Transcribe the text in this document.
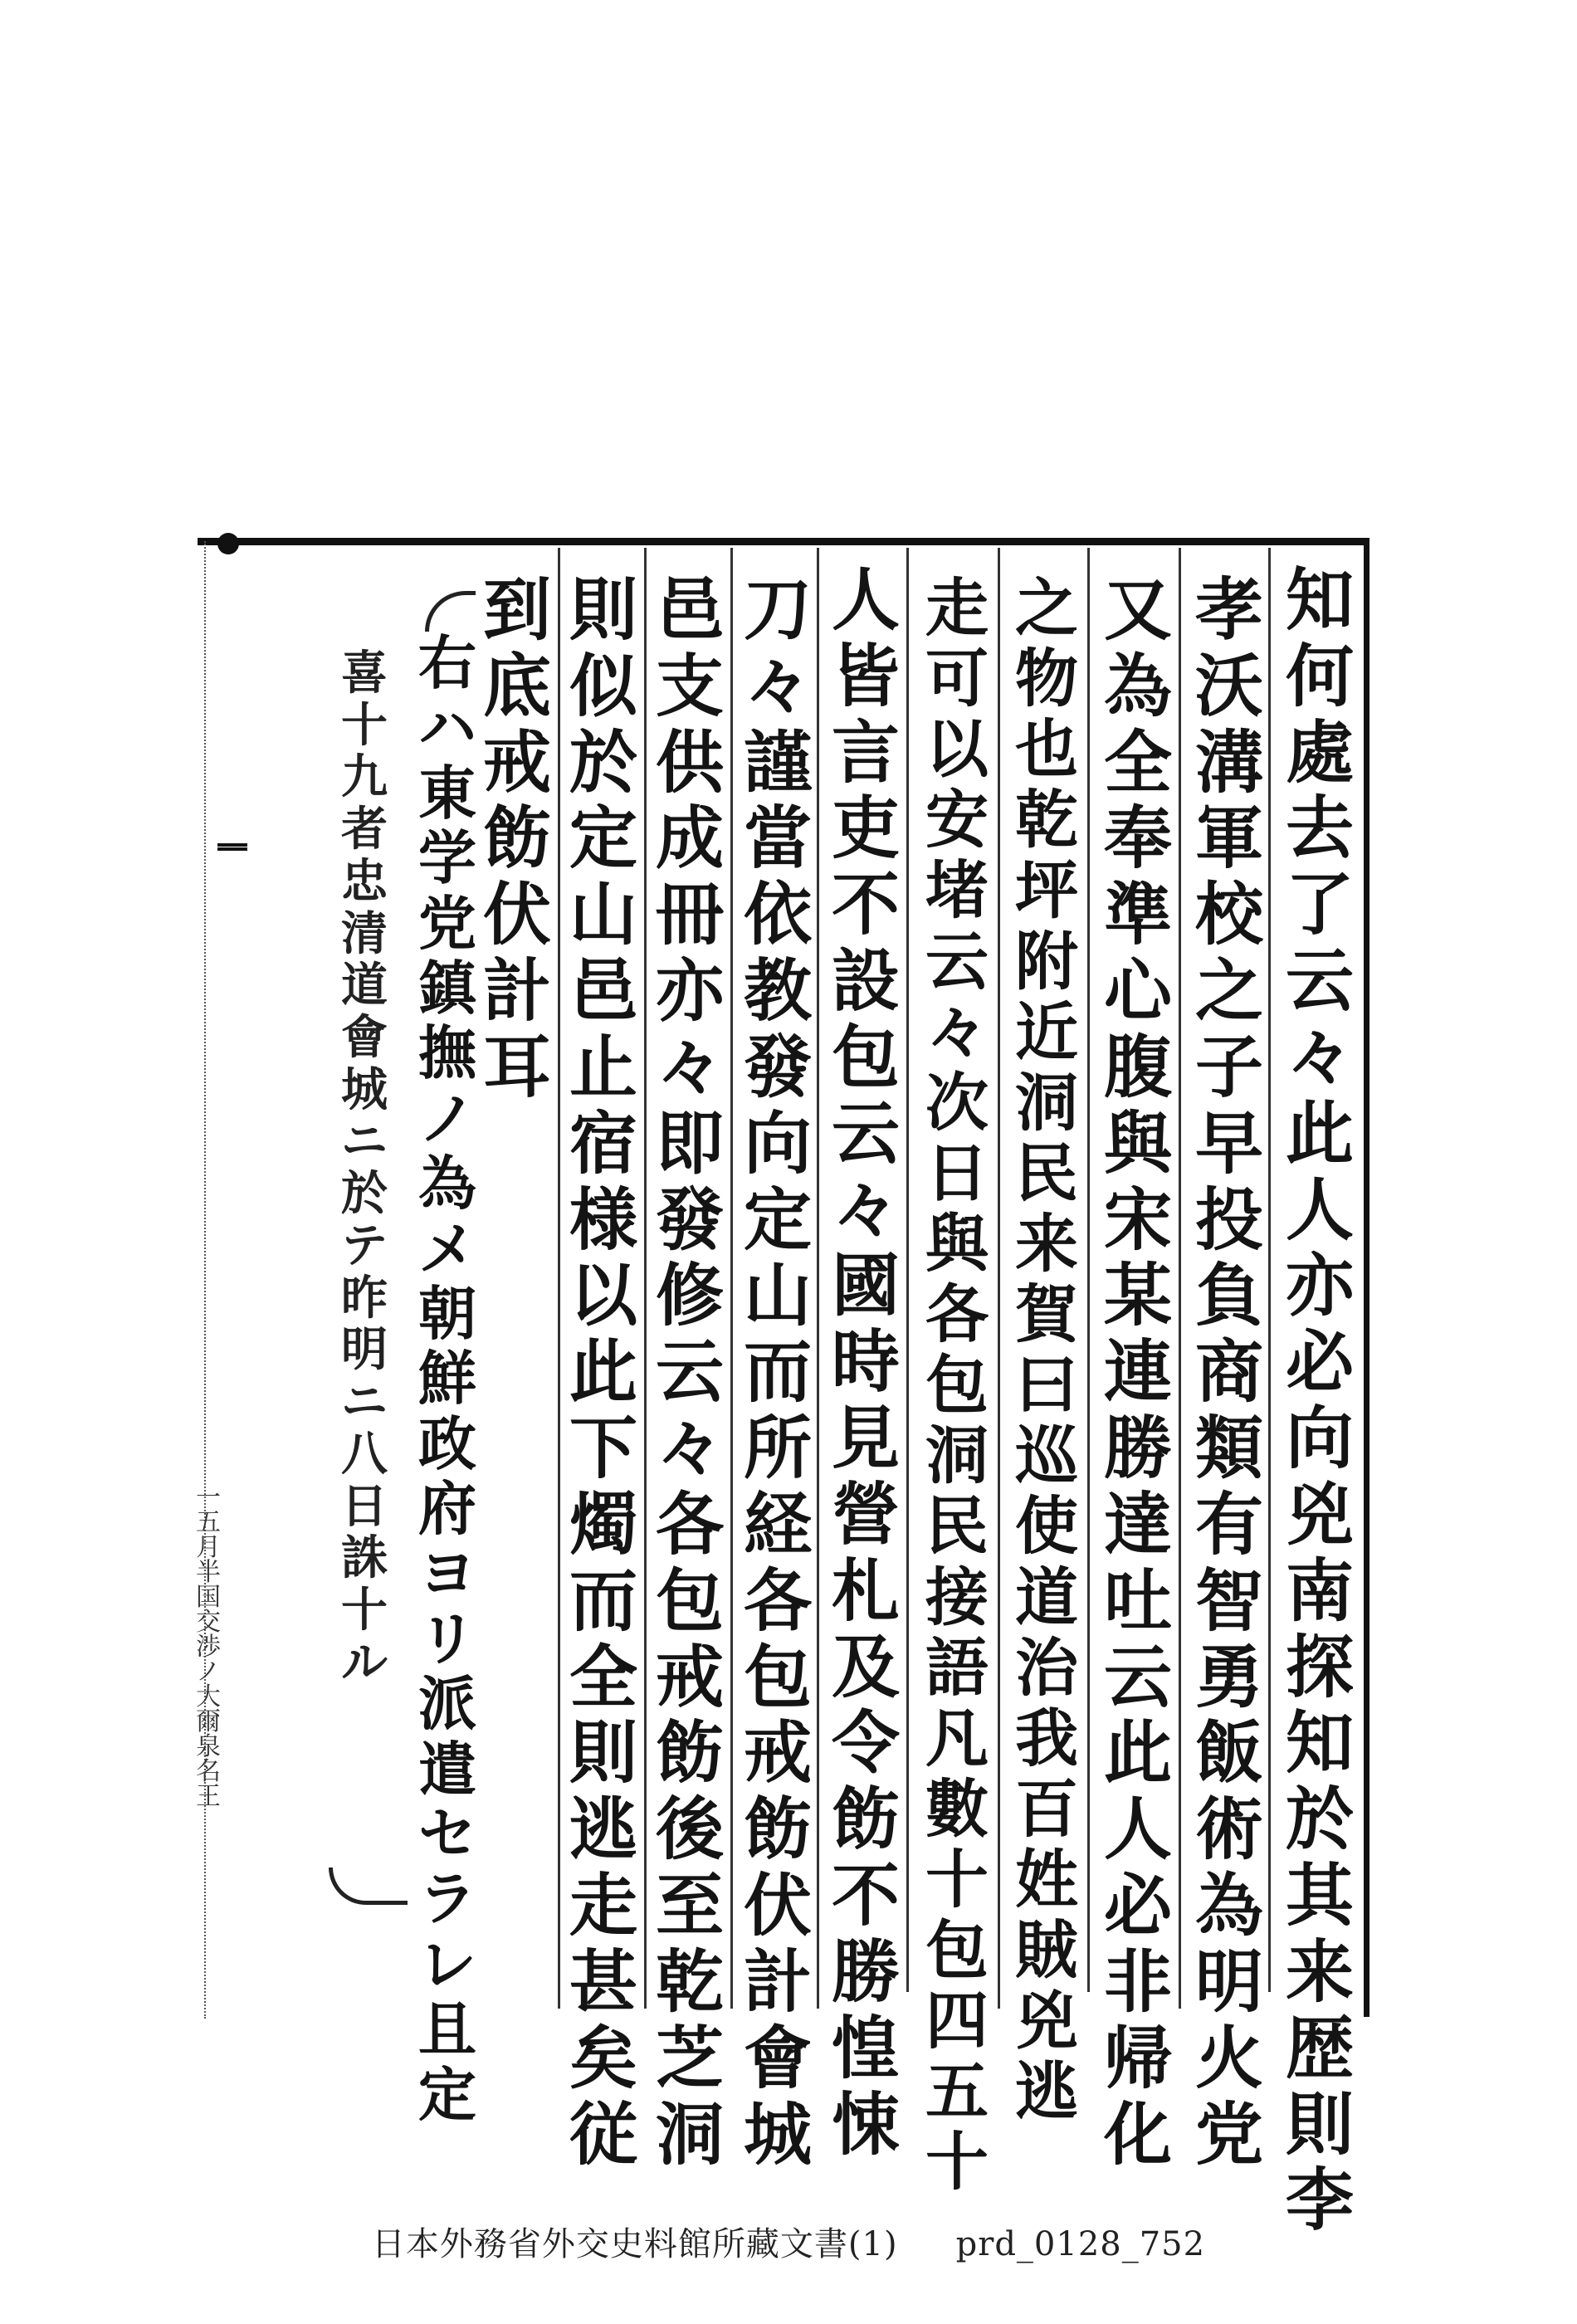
知
何
處
去
了
云
々
此
人
亦
必
向
兇
南
探
知
於
其
来
歴
則
李
孝
沃
溝
軍
校
之
子
早
投
負
商
類
有
智
勇
飯
術
為
明
火
党
又
為
全
奉
準
心
腹
與
宋
某
連
勝
達
吐
云
此
人
必
非
帰
化
之
物
也
乾
坪
附
近
洞
民
来
賀
曰
巡
使
道
治
我
百
姓
賊
兇
逃
走
可
以
安
堵
云
々
次
日
與
各
包
洞
民
接
語
凡
數
十
包
四
五
十
人
皆
言
吏
不
設
包
云
々
國
時
見
營
札
及
令
飭
不
勝
惶
悚
刀
々
謹
當
依
教
發
向
定
山
而
所
経
各
包
戒
飭
伏
計
會
城
邑
支
供
成
冊
亦
々
即
發
修
云
々
各
包
戒
飭
後
至
乾
芝
洞
則
似
於
定
山
邑
止
宿
様
以
此
下
燭
而
全
則
逃
走
甚
矣
従
到
底
戒
飭
伏
計
耳
右
ハ
東
学
党
鎮
撫
ノ
為
メ
朝
鮮
政
府
ヨ
リ
派
遣
セ
ラ
レ
且
定
喜
十
九
者
忠
清
道
會
城
ニ
於
テ
昨
明
ニ
八
日
誅
十
ル
一
五
月
半
国
交
渉
ノ
大
爾
泉
名
王
日本外務省外交史料館所藏文書(1) prd_0128_752
